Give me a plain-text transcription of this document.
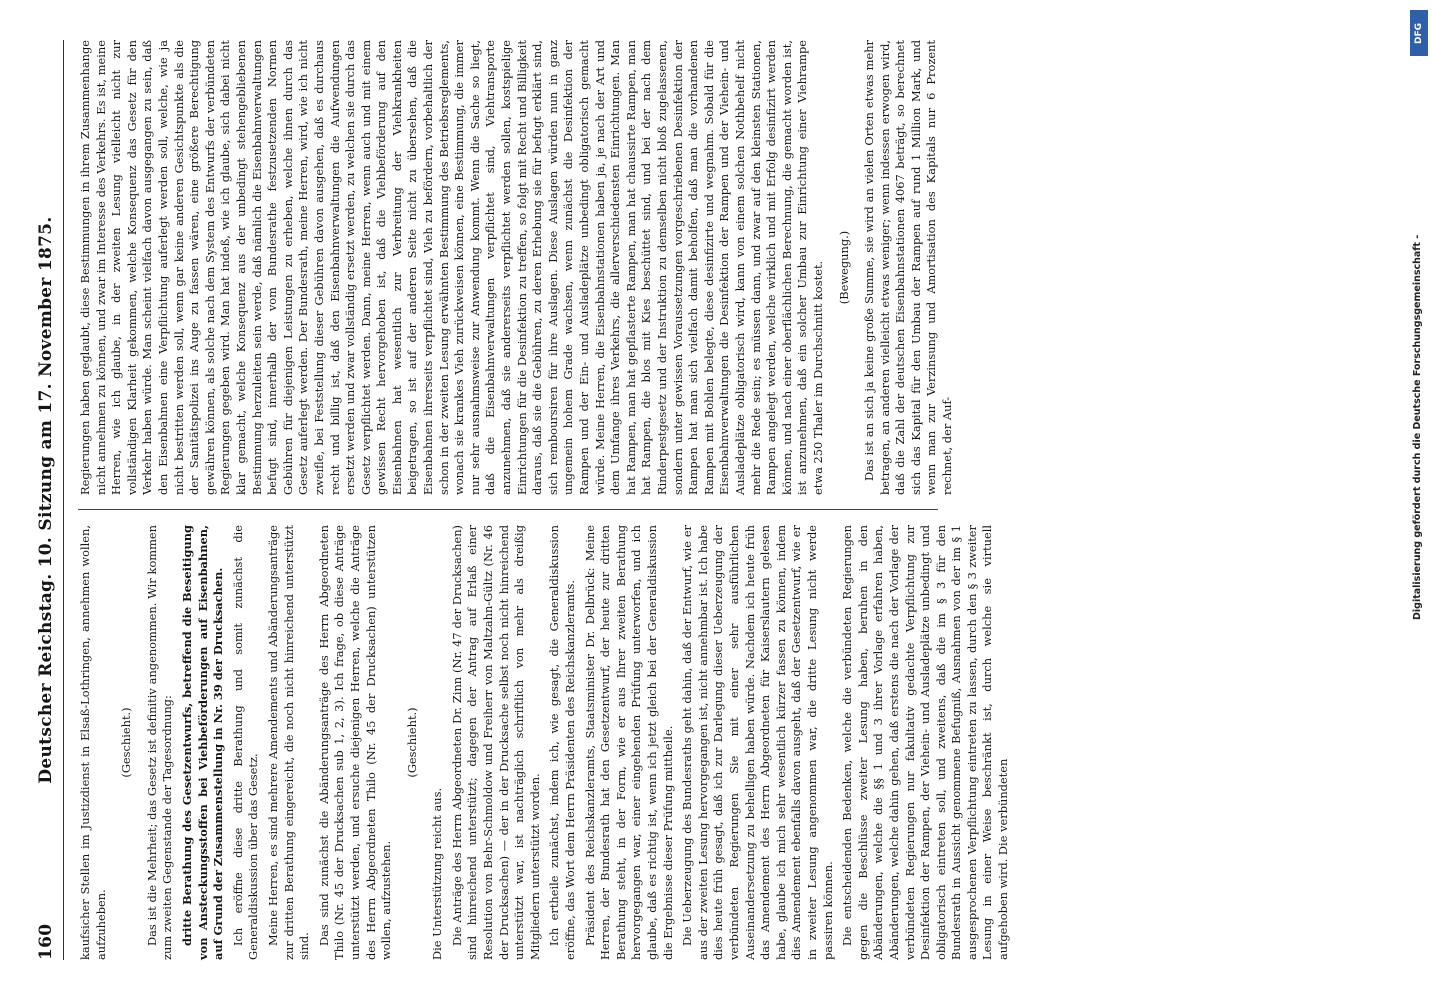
160
Deutscher Reichstag. 10. Sitzung am 17. November 1875. kaufsicher Stellen im Justizdienst in Elsaß-Lothringen, annehmen wollen, aufzuheben.

(Geschieht.) Das ist die Mehrheit; das Gesetz ist definitiv angenommen. Wir kommen zum zweiten Gegenstande der Tagesordnung: dritte Berathung des Gesetzentwurfs, betreffend die Beseitigung von Ansteckungsstoffen bei Viehbeförderungen auf Eisenbahnen, auf Grund der Zusammenstellung in Nr. 39 der Drucksachen. Ich eröffne diese dritte Berathung und somit zunächst die Generaldiskussion über das Gesetz. Meine Herren, es sind mehrere Amendements und Abänderungsanträge zur dritten Berathung eingereicht, die noch nicht hinreichend unterstützt sind.

Das sind zunächst die Abänderungsanträge des Herrn Abgeordneten Thilo (Nr. 45 der Drucksachen sub 1, 2, 3). Ich frage, ob diese Anträge unterstützt werden, und ersuche diejenigen Herren, welche die Anträge des Herrn Abgeordneten Thilo (Nr. 45 der Drucksachen) unterstützen wollen, aufzustehen.

(Geschieht.)

Die Unterstützung reicht aus. Die Anträge des Herrn Abgeordneten Dr. Zinn (Nr. 47 der Drucksachen) sind hinreichend unterstützt; dagegen der Antrag auf Erlaß einer Resolution von Behr-Schmoldow und Freiherr von Maltzahn-Gültz (Nr. 46 der Drucksachen) — der in der Drucksache selbst noch nicht hinreichend unterstützt war, ist nachträglich schriftlich von mehr als dreißig Mitgliedern unterstützt worden. Ich ertheile zunächst, indem ich, wie gesagt, die Generaldiskussion eröffne, das Wort dem Herrn Präsidenten des Reichskanzleramts. Präsident des Reichskanzleramts, Staatsminister Dr. Delbrück: Meine Herren, der Bundesrath hat den Gesetzentwurf, der heute zur dritten Berathung steht, in der Form, wie er aus Ihrer zweiten Berathung hervorgegangen war, einer eingehenden Prüfung unterworfen, und ich glaube, daß es richtig ist, wenn ich jetzt gleich bei der Generaldiskussion die Ergebnisse dieser Prüfung mittheile. Die Ueberzeugung des Bundesraths geht dahin, daß der Entwurf, wie er aus der zweiten Lesung hervorgegangen ist, nicht annehmbar ist. Ich habe dies heute früh gesagt, daß ich zur Darlegung dieser Ueberzeugung der verbündeten Regierungen Sie mit einer sehr ausführlichen Auseinandersetzung zu behelligen haben würde. Nachdem ich heute früh das Amendement des Herrn Abgeordneten für Kaiserslautern gelesen habe, glaube ich mich sehr wesentlich kürzer fassen zu können, indem dies Amendement ebenfalls davon ausgeht, daß der Gesetzentwurf, wie er in zweiter Lesung angenommen war, die dritte Lesung nicht werde passiren können. Die entscheidenden Bedenken, welche die verbündeten Regierungen gegen die Beschlüsse zweiter Lesung haben, beruhen in den Abänderungen, welche die §§ 1 und 3 ihrer Vorlage erfahren haben, Abänderungen, welche dahin gehen, daß erstens die nach der Vorlage der verbündeten Regierungen nur fakultativ gedachte Verpflichtung zur Desinfektion der Rampen, der Viehein- und Ausladeplätze unbedingt und obligatorisch eintreten soll, und zweitens, daß die im § 3 für den Bundesrath in Aussicht genommene Befugniß, Ausnahmen von der im § 1 ausgesprochenen Verpflichtung eintreten zu lassen, durch den § 3 zweiter Lesung in einer Weise beschränkt ist, durch welche sie virtuell aufgehoben wird. Die verbündeten

Regierungen haben geglaubt, diese Bestimmungen in ihrem Zusammenhange nicht annehmen zu können, und zwar im Interesse des Verkehrs. Es ist, meine Herren, wie ich glaube, in der zweiten Lesung vielleicht nicht zur vollständigen Klarheit gekommen, welche Konsequenz das Gesetz für den Verkehr haben würde. Man scheint vielfach davon ausgegangen zu sein, daß den Eisenbahnen eine Verpflichtung auferlegt werden soll, welche, wie ja nicht bestritten werden soll, wenn gar keine anderen Gesichtspunkte als die der Sanitätspolizei ins Auge zu fassen wären, eine größere Berechtigung gewähren können, als solche nach dem System des Entwurfs der verbündeten Regierungen gegeben wird. Man hat indeß, wie ich glaube, sich dabei nicht klar gemacht, welche Konsequenz aus der unbedingt stehengebliebenen Bestimmung herzuleiten sein werde, daß nämlich die Eisenbahnverwaltungen befugt sind, innerhalb der vom Bundesrathe festzusetzenden Normen Gebühren für diejenigen Leistungen zu erheben, welche ihnen durch das Gesetz auferlegt werden. Der Bundesrath, meine Herren, wird, wie ich nicht zweifle, bei Feststellung dieser Gebühren davon ausgehen, daß es durchaus recht und billig ist, daß den Eisenbahnverwaltungen die Aufwendungen ersetzt werden und zwar vollständig ersetzt werden, zu welchen sie durch das Gesetz verpflichtet werden. Dann, meine Herren, wenn auch und mit einem gewissen Recht hervorgehoben ist, daß die Viehbeförderung auf den Eisenbahnen hat wesentlich zur Verbreitung der Viehkrankheiten beigetragen, so ist auf der anderen Seite nicht zu übersehen, daß die Eisenbahnen ihrerseits verpflichtet sind, Vieh zu befördern, vorbehaltlich der schon in der zweiten Lesung erwähnten Bestimmung des Betriebsreglements, wonach sie krankes Vieh zurückweisen können, eine Bestimmung, die immer nur sehr ausnahmsweise zur Anwendung kommt. Wenn die Sache so liegt, daß die Eisenbahnverwaltungen verpflichtet sind, Viehtransporte anzunehmen, daß sie andererseits verpflichtet werden sollen, kostspielige Einrichtungen für die Desinfektion zu treffen, so folgt mit Recht und Billigkeit daraus, daß sie die Gebühren, zu deren Erhebung sie für befugt erklärt sind, sich remboursiren für ihre Auslagen. Diese Auslagen würden nun in ganz ungemein hohem Grade wachsen, wenn zunächst die Desinfektion der Rampen und der Ein- und Ausladeplätze unbedingt obligatorisch gemacht würde. Meine Herren, die Eisenbahnstationen haben ja, je nach der Art und dem Umfange ihres Verkehrs, die allerverschiedensten Einrichtungen. Man hat Rampen, man hat gepflasterte Rampen, man hat chaussirte Rampen, man hat Rampen, die blos mit Kies beschüttet sind, und bei der nach dem Rinderpestgesetz und der Instruktion zu demselben nicht bloß zugelassenen, sondern unter gewissen Voraussetzungen vorgeschriebenen Desinfektion der Rampen hat man sich vielfach damit beholfen, daß man die vorhandenen Rampen mit Bohlen belegte, diese desinfizirte und wegnahm. Sobald für die Eisenbahnverwaltungen die Desinfektion der Rampen und der Viehein- und Ausladeplätze obligatorisch wird, kann von einem solchen Nothbehelf nicht mehr die Rede sein; es müssen dann, und zwar auf den kleinsten Stationen, Rampen angelegt werden, welche wirklich und mit Erfolg desinfizirt werden können, und nach einer oberflächlichen Berechnung, die gemacht worden ist, ist anzunehmen, daß ein solcher Umbau zur Einrichtung einer Viehrampe etwa 250 Thaler im Durchschnitt kostet. (Bewegung.) Das ist an sich ja keine große Summe, sie wird an vielen Orten etwas mehr betragen, an anderen vielleicht etwas weniger; wenn indessen erwogen wird, daß die Zahl der deutschen Eisenbahnstationen 4067 beträgt, so berechnet sich das Kapital für den Umbau der Rampen auf rund 1 Million Mark, und wenn man zur Verzinsung und Amortisation des Kapitals nur 6 Prozent rechnet, der Auf-

DFG
Digitalisierung gefördert durch die Deutsche Forschungsgemeinschaft -
